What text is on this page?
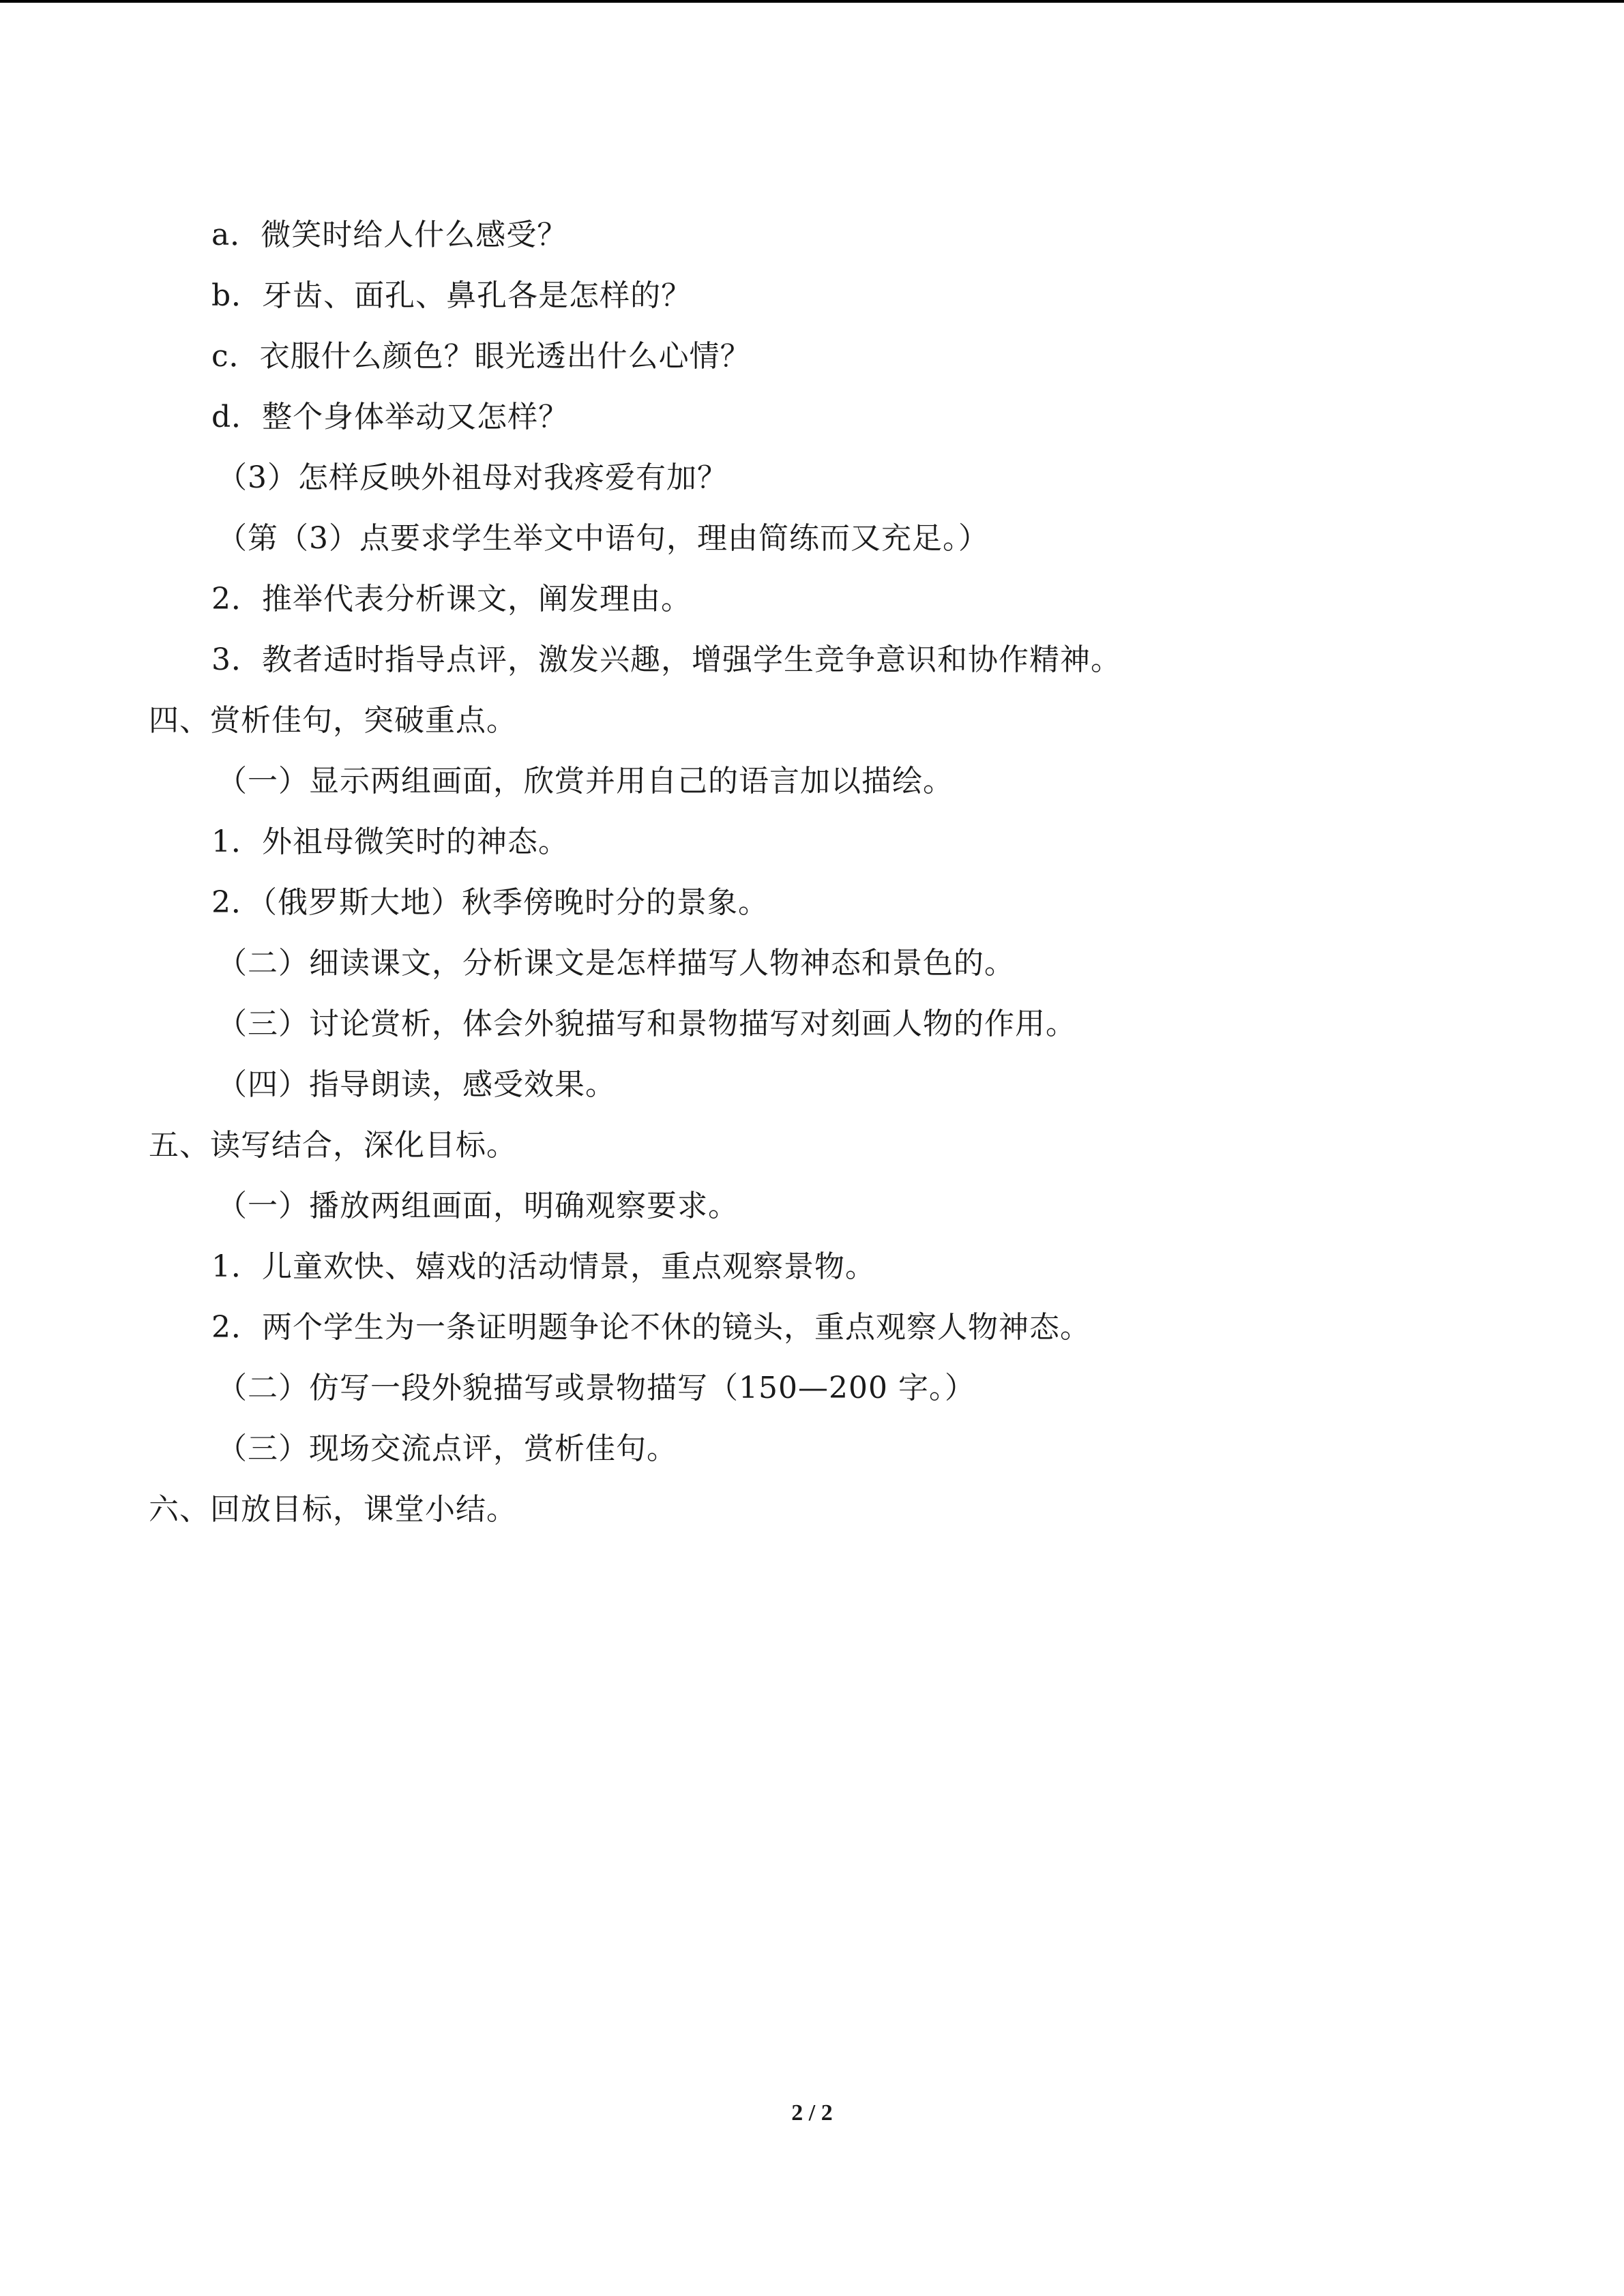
a．微笑时给人什么感受？
b．牙齿、面孔、鼻孔各是怎样的？
c．衣服什么颜色？眼光透出什么心情？
d．整个身体举动又怎样？
（3）怎样反映外祖母对我疼爱有加？
（第（3）点要求学生举文中语句，理由简练而又充足。）
2．推举代表分析课文，阐发理由。
3．教者适时指导点评，激发兴趣，增强学生竞争意识和协作精神。
四、赏析佳句，突破重点。
（一）显示两组画面，欣赏并用自己的语言加以描绘。
1．外祖母微笑时的神态。
2．（俄罗斯大地）秋季傍晚时分的景象。
（二）细读课文，分析课文是怎样描写人物神态和景色的。
（三）讨论赏析，体会外貌描写和景物描写对刻画人物的作用。
（四）指导朗读，感受效果。
五、读写结合，深化目标。
（一）播放两组画面，明确观察要求。
1．儿童欢快、嬉戏的活动情景，重点观察景物。
2．两个学生为一条证明题争论不休的镜头，重点观察人物神态。
（二）仿写一段外貌描写或景物描写（150—200 字。）
（三）现场交流点评，赏析佳句。
六、回放目标，课堂小结。
2 / 2
